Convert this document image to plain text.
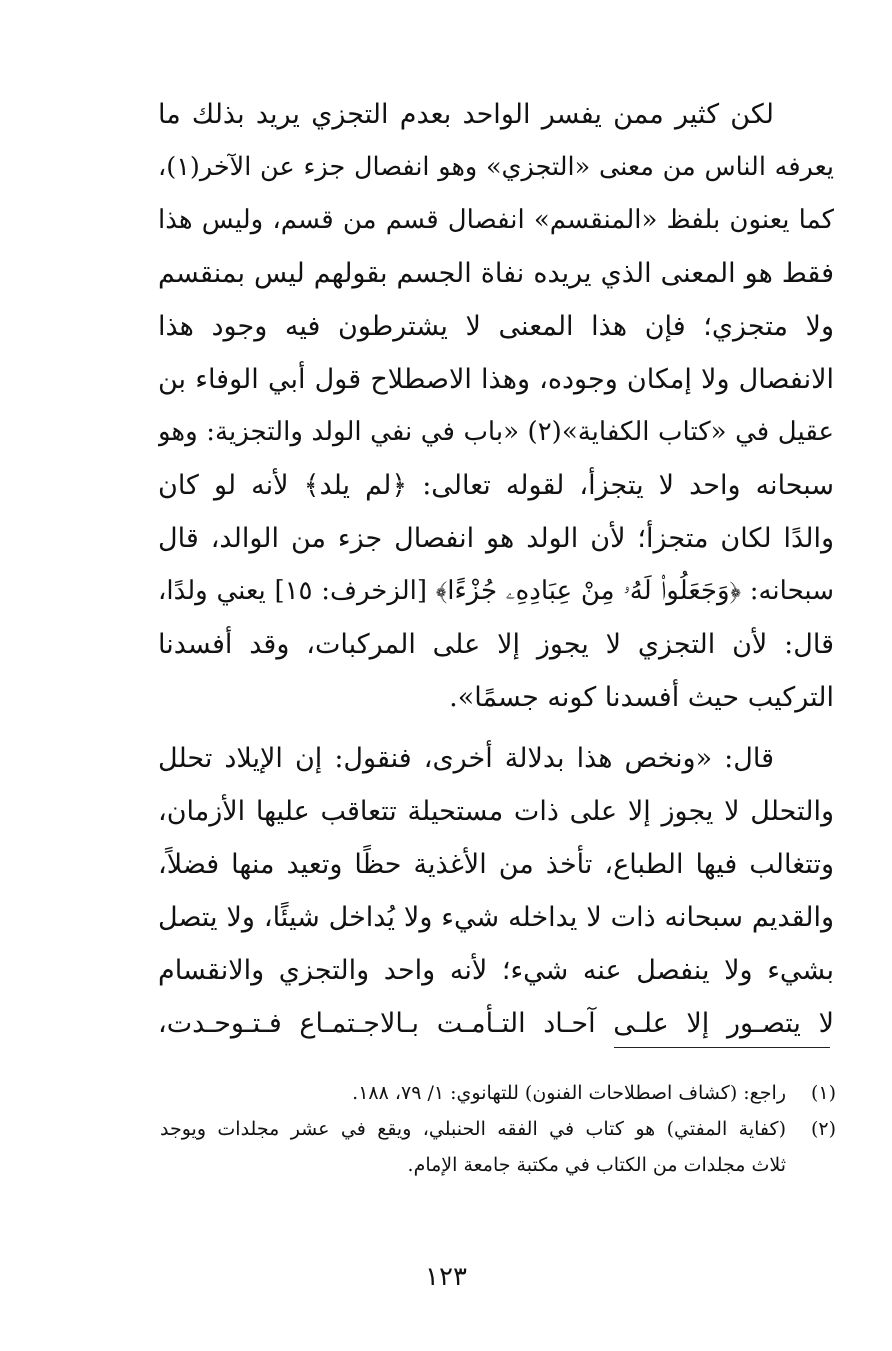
لكن كثير ممن يفسر الواحد بعدم التجزي يريد بذلك ما
يعرفه الناس من معنى «التجزي» وهو انفصال جزء عن الآخر(١)،
كما يعنون بلفظ «المنقسم» انفصال قسم من قسم، وليس هذا
فقط هو المعنى الذي يريده نفاة الجسم بقولهم ليس بمنقسم
ولا متجزي؛ فإن هذا المعنى لا يشترطون فيه وجود هذا
الانفصال ولا إمكان وجوده، وهذا الاصطلاح قول أبي الوفاء بن
عقيل في «كتاب الكفاية»(٢) «باب في نفي الولد والتجزية: وهو
سبحانه واحد لا يتجزأ، لقوله تعالى: ﴿لم يلد﴾ لأنه لو كان
والدًا لكان متجزأ؛ لأن الولد هو انفصال جزء من الوالد، قال
سبحانه: ﴿وَجَعَلُوا۟ لَهُۥ مِنْ عِبَادِهِۦ جُزْءًا﴾ [الزخرف: ١٥] يعني ولدًا،
قال: لأن التجزي لا يجوز إلا على المركبات، وقد أفسدنا
التركيب حيث أفسدنا كونه جسمًا».
قال: «ونخص هذا بدلالة أخرى، فنقول: إن الإيلاد تحلل
والتحلل لا يجوز إلا على ذات مستحيلة تتعاقب عليها الأزمان،
وتتغالب فيها الطباع، تأخذ من الأغذية حظًا وتعيد منها فضلاً،
والقديم سبحانه ذات لا يداخله شيء ولا يُداخل شيئًا، ولا يتصل
بشيء ولا ينفصل عنه شيء؛ لأنه واحد والتجزي والانقسام
لا يتصـور إلا علـى آحـاد التـأمـت بـالاجـتمـاع فـتـوحـدت،
(١)
راجع: (كشاف اصطلاحات الفنون) للتهانوي: ١/ ٧٩، ١٨٨.
(٢)
(كفاية المفتي) هو كتاب في الفقه الحنبلي، ويقع في عشر مجلدات ويوجد
ثلاث مجلدات من الكتاب في مكتبة جامعة الإمام.
١٢٣
